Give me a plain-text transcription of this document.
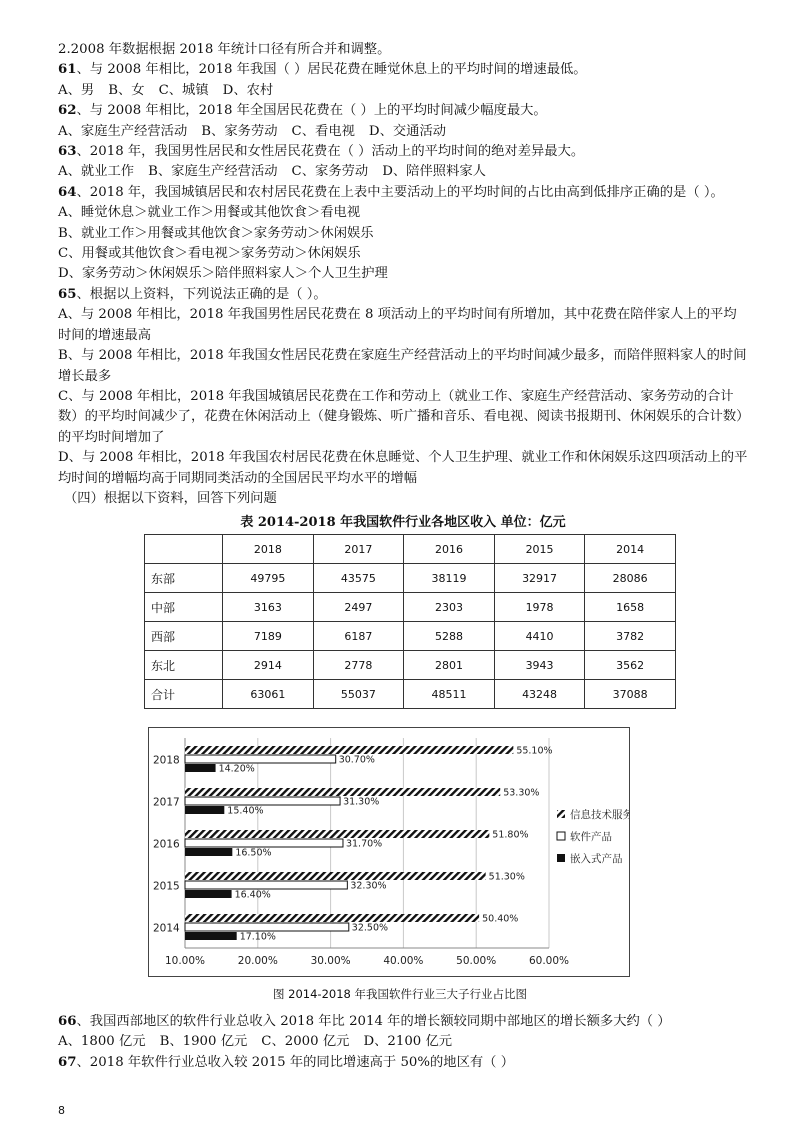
2.2008 年数据根据 2018 年统计口径有所合并和调整。

61、与 2008 年相比，2018 年我国（ ）居民花费在睡觉休息上的平均时间的增速最低。

A、男 B、女 C、城镇 D、农村

62、与 2008 年相比，2018 年全国居民花费在（ ）上的平均时间减少幅度最大。

A、家庭生产经营活动 B、家务劳动 C、看电视 D、交通活动

63、2018 年，我国男性居民和女性居民花费在（ ）活动上的平均时间的绝对差异最大。

A、就业工作 B、家庭生产经营活动 C、家务劳动 D、陪伴照料家人

64、2018 年，我国城镇居民和农村居民花费在上表中主要活动上的平均时间的占比由高到低排序正确的是（ ）。

A、睡觉休息＞就业工作＞用餐或其他饮食＞看电视

B、就业工作＞用餐或其他饮食＞家务劳动＞休闲娱乐

C、用餐或其他饮食＞看电视＞家务劳动＞休闲娱乐

D、家务劳动＞休闲娱乐＞陪伴照料家人＞个人卫生护理

65、根据以上资料，下列说法正确的是（ ）。

A、与 2008 年相比，2018 年我国男性居民花费在 8 项活动上的平均时间有所增加，其中花费在陪伴家人上的平均时间的增速最高

B、与 2008 年相比，2018 年我国女性居民花费在家庭生产经营活动上的平均时间减少最多，而陪伴照料家人的时间增长最多

C、与 2008 年相比，2018 年我国城镇居民花费在工作和劳动上（就业工作、家庭生产经营活动、家务劳动的合计数）的平均时间减少了，花费在休闲活动上（健身锻炼、听广播和音乐、看电视、阅读书报期刊、休闲娱乐的合计数）的平均时间增加了

D、与 2008 年相比，2018 年我国农村居民花费在休息睡觉、个人卫生护理、就业工作和休闲娱乐这四项活动上的平均时间的增幅均高于同期同类活动的全国居民平均水平的增幅

（四）根据以下资料，回答下列问题

表 2014-2018 年我国软件行业各地区收入 单位：亿元

	2018	2017	2016	2015	2014
东部	49795	43575	38119	32917	28086
中部	3163	2497	2303	1978	1658
西部	7189	6187	5288	4410	3782
东北	2914	2778	2801	3943	3562
合计	63061	55037	48511	43248	37088
10.00%	20.00%	30.00%	40.00%	50.00%	60.00%
2018
55.10%
30.70%
14.20%
2017
53.30%
31.30%
15.40%
2016
51.80%
31.70%
16.50%
2015
51.30%
32.30%
16.40%
2014
50.40%
32.50%
17.10%
信息技术服务
软件产品
嵌入式产品
图 2014-2018 年我国软件行业三大子行业占比图

66、我国西部地区的软件行业总收入 2018 年比 2014 年的增长额较同期中部地区的增长额多大约（ ）

A、1800 亿元 B、1900 亿元 C、2000 亿元 D、2100 亿元

67、2018 年软件行业总收入较 2015 年的同比增速高于 50%的地区有（ ）

8
